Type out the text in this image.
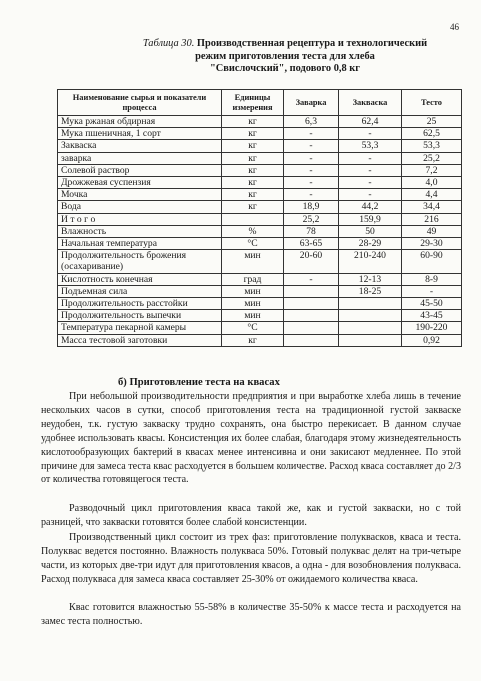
46
Таблица 30. Производственная рецептура и технологический
режим приготовления теста для хлеба
"Свислочский", подового 0,8 кг
Наименование сырья и показатели процесса	Единицы измерения	Заварка	Закваска	Тесто
Мука ржаная обдирная	кг	6,3	62,4	25
Мука пшеничная, 1 сорт	кг	-	-	62,5
Закваска	кг	-	53,3	53,3
заварка	кг	-	-	25,2
Солевой раствор	кг	-	-	7,2
Дрожжевая суспензия	кг	-	-	4,0
Мочка	кг	-	-	4,4
Вода	кг	18,9	44,2	34,4
И т о г о		25,2	159,9	216
Влажность	%	78	50	49
Начальная температура	°С	63-65	28-29	29-30
Продолжительность брожения (осахаривание)	мин	20-60	210-240	60-90
Кислотность конечная	град	-	12-13	8-9
Подъемная сила	мин		18-25	-
Продолжительность расстойки	мин			45-50
Продолжительность выпечки	мин			43-45
Температура пекарной камеры	°С			190-220
Масса тестовой заготовки	кг			0,92
б) Приготовление теста на квасах

При небольшой производительности предприятия и при выработке хлеба лишь в течение нескольких часов в сутки, способ приготовления теста на традиционной густой закваске неудобен, т.к. густую закваску трудно сохранять, она быстро перекисает. В данном случае удобнее использовать квасы. Консистенция их более слабая, благодаря этому жизнедеятельность кислотообразующих бактерий в квасах менее интенсивна и они закисают медленнее. По этой причине для замеса теста квас расходуется в большем количестве. Расход кваса составляет до 2/3 от количества готовящегося теста.

Разводочный цикл приготовления кваса такой же, как и густой закваски, но с той разницей, что закваски готовятся более слабой консистенции.

Производственный цикл состоит из трех фаз: приготовление полуквасков, кваса и теста. Полуквас ведется постоянно. Влажность полукваса 50%. Готовый полуквас делят на три-четыре части, из которых две-три идут для приготовления квасов, а одна - для возобновления полукваса. Расход полукваса для замеса кваса составляет 25-30% от ожидаемого количества кваса.

Квас готовится влажностью 55-58% в количестве 35-50% к массе теста и расходуется на замес теста полностью.
